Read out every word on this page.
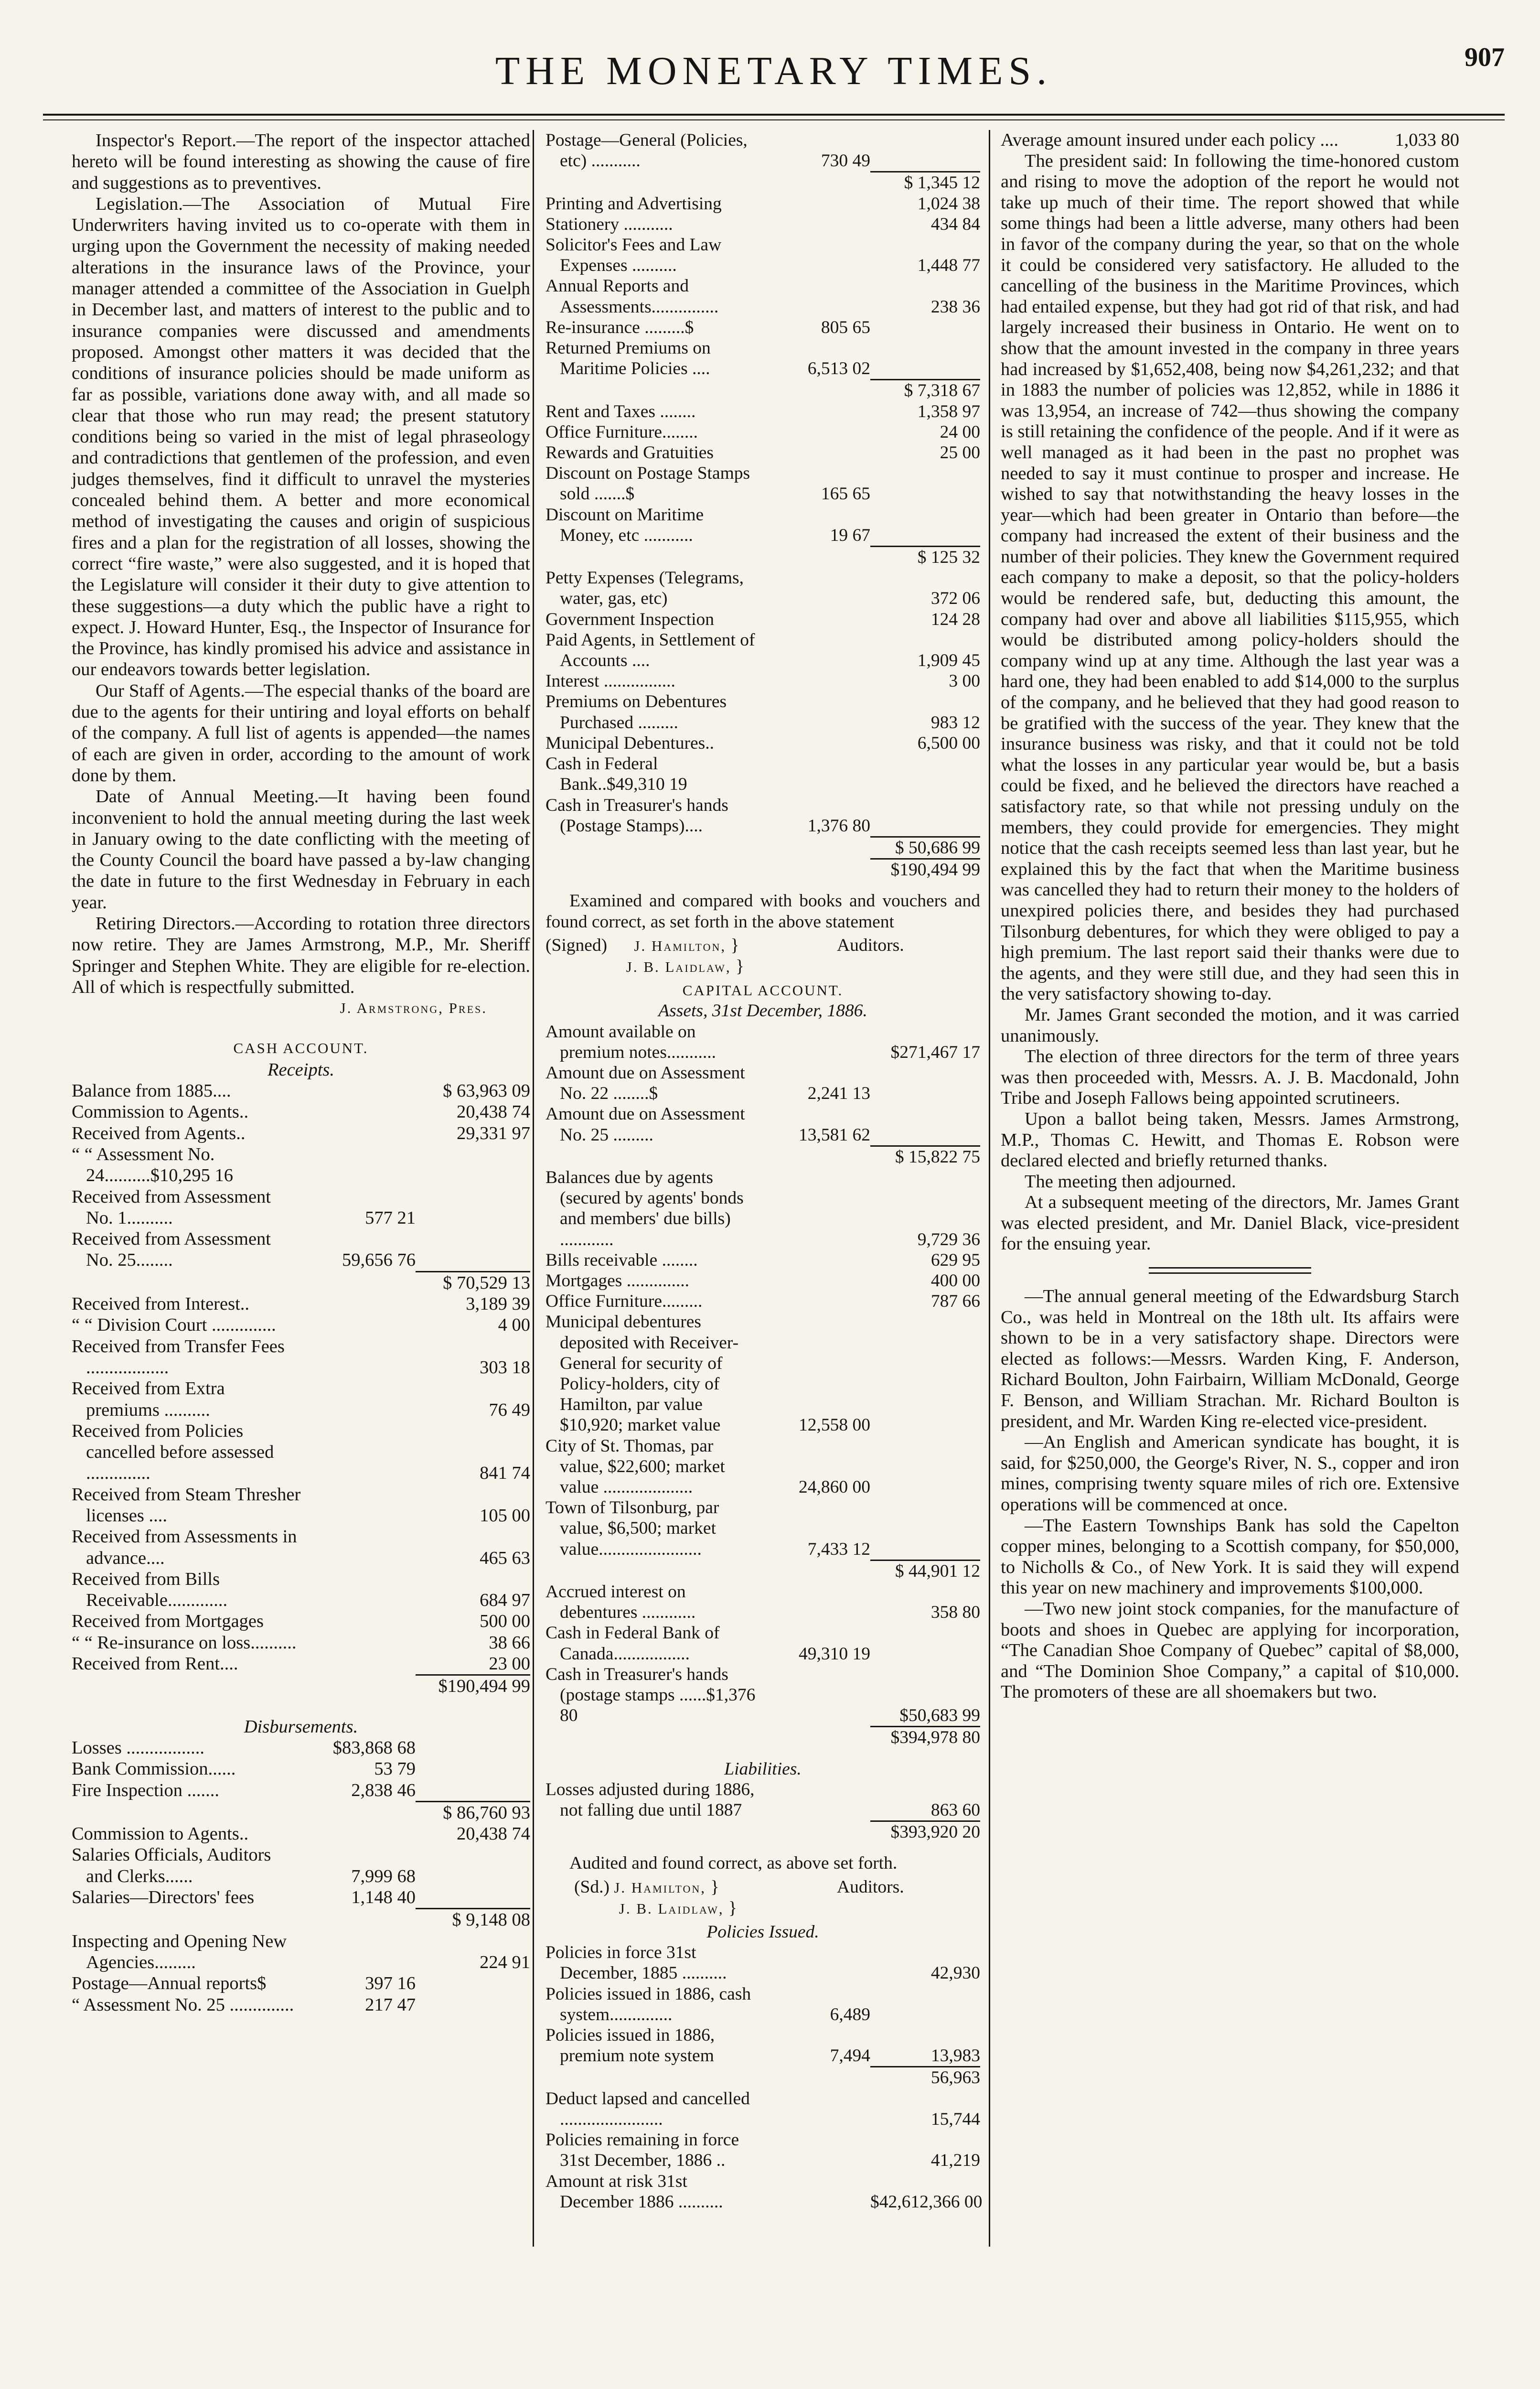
THE MONETARY TIMES.	907

Inspector's Report.—The report of the inspector attached hereto will be found interesting as showing the cause of fire and suggestions as to preventives.

Legislation.—The Association of Mutual Fire Underwriters having invited us to co-operate with them in urging upon the Government the necessity of making needed alterations in the insurance laws of the Province, your manager attended a committee of the Association in Guelph in December last, and matters of interest to the public and to insurance companies were discussed and amendments proposed. Amongst other matters it was decided that the conditions of insurance policies should be made uniform as far as possible, variations done away with, and all made so clear that those who run may read; the present statutory conditions being so varied in the mist of legal phraseology and contradictions that gentlemen of the profession, and even judges themselves, find it difficult to unravel the mysteries concealed behind them. A better and more economical method of investigating the causes and origin of suspicious fires and a plan for the registration of all losses, showing the correct “fire waste,” were also suggested, and it is hoped that the Legislature will consider it their duty to give attention to these suggestions—a duty which the public have a right to expect. J. Howard Hunter, Esq., the Inspector of Insurance for the Province, has kindly promised his advice and assistance in our endeavors towards better legislation.

Our Staff of Agents.—The especial thanks of the board are due to the agents for their untiring and loyal efforts on behalf of the company. A full list of agents is appended—the names of each are given in order, according to the amount of work done by them.

Date of Annual Meeting.—It having been found inconvenient to hold the annual meeting during the last week in January owing to the date conflicting with the meeting of the County Council the board have passed a by-law changing the date in future to the first Wednesday in February in each year.

Retiring Directors.—According to rotation three directors now retire. They are James Armstrong, M.P., Mr. Sheriff Springer and Stephen White. They are eligible for re-election. All of which is respectfully submitted.

J. Armstrong, Pres.

CASH ACCOUNT.

Receipts.

Balance from 1885....	$ 63,963 09
Commission to Agents..	20,438 74
Received from Agents..	29,331 97
“ “ Assessment No. 24..........$10,295 16
Received from Assessment No. 1..........	577 21
Received from Assessment No. 25........	59,656 76
$ 70,529 13
Received from Interest..	3,189 39
“ “ Division Court ..............	4 00
Received from Transfer Fees ..................	303 18
Received from Extra premiums ..........	76 49
Received from Policies cancelled before assessed ..............	841 74
Received from Steam Thresher licenses ....	105 00
Received from Assessments in advance....	465 63
Received from Bills Receivable.............	684 97
Received from Mortgages	500 00
“ “ Re-insurance on loss..........	38 66
Received from Rent....	23 00
$190,494 99

Disbursements.

Losses .................	$83,868 68
Bank Commission......	53 79
Fire Inspection .......	2,838 46
$ 86,760 93
Commission to Agents..	20,438 74
Salaries Officials, Auditors and Clerks......	7,999 68
Salaries—Directors' fees	1,148 40
$ 9,148 08
Inspecting and Opening New Agencies.........	224 91
Postage—Annual reports$	397 16
“ Assessment No. 25 ..............	217 47
Postage—General (Policies, etc) ...........	730 49
$ 1,345 12
Printing and Advertising	1,024 38
Stationery ...........	434 84
Solicitor's Fees and Law Expenses ..........	1,448 77
Annual Reports and Assessments...............	238 36
Re-insurance .........$	805 65
Returned Premiums on Maritime Policies ....	6,513 02
$ 7,318 67
Rent and Taxes ........	1,358 97
Office Furniture........	24 00
Rewards and Gratuities	25 00
Discount on Postage Stamps sold .......$	165 65
Discount on Maritime Money, etc ...........	19 67
$ 125 32
Petty Expenses (Telegrams, water, gas, etc)	372 06
Government Inspection	124 28
Paid Agents, in Settlement of Accounts ....	1,909 45
Interest ................	3 00
Premiums on Debentures Purchased .........	983 12
Municipal Debentures..	6,500 00
Cash in Federal Bank..$49,310 19
Cash in Treasurer's hands (Postage Stamps)....	1,376 80
$ 50,686 99
$190,494 99

Examined and compared with books and vouchers and found correct, as set forth in the above statement

(Signed) J. Hamilton, }
J. B. Laidlaw, }
Auditors.

CAPITAL ACCOUNT.

Assets, 31st December, 1886.

Amount available on premium notes...........	$271,467 17
Amount due on Assessment No. 22 ........$	2,241 13
Amount due on Assessment No. 25 .........	13,581 62
$ 15,822 75
Balances due by agents (secured by agents' bonds and members' due bills) ............	9,729 36
Bills receivable ........	629 95
Mortgages ..............	400 00
Office Furniture.........	787 66
Municipal debentures deposited with Receiver-General for security of Policy-holders, city of Hamilton, par value $10,920; market value	12,558 00
City of St. Thomas, par value, $22,600; market value ....................	24,860 00
Town of Tilsonburg, par value, $6,500; market value.......................	7,433 12
$ 44,901 12
Accrued interest on debentures ............	358 80
Cash in Federal Bank of Canada.................	49,310 19
Cash in Treasurer's hands (postage stamps ......$1,376 80	$50,683 99
$394,978 80

Liabilities.

Losses adjusted during 1886, not falling due until 1887	863 60
$393,920 20

Audited and found correct, as above set forth.

(Sd.) J. Hamilton, }
J. B. Laidlaw, }
Auditors.

Policies Issued.

Policies in force 31st December, 1885 ..........	42,930
Policies issued in 1886, cash system..............	6,489
Policies issued in 1886, premium note system	7,494	13,983
56,963
Deduct lapsed and cancelled .......................	15,744
Policies remaining in force 31st December, 1886 ..	41,219
Amount at risk 31st December 1886 ..........	$42,612,366 00
Average amount insured under each policy ....	1,033 80

The president said: In following the time-honored custom and rising to move the adoption of the report he would not take up much of their time. The report showed that while some things had been a little adverse, many others had been in favor of the company during the year, so that on the whole it could be considered very satisfactory. He alluded to the cancelling of the business in the Maritime Provinces, which had entailed expense, but they had got rid of that risk, and had largely increased their business in Ontario. He went on to show that the amount invested in the company in three years had increased by $1,652,408, being now $4,261,232; and that in 1883 the number of policies was 12,852, while in 1886 it was 13,954, an increase of 742—thus showing the company is still retaining the confidence of the people. And if it were as well managed as it had been in the past no prophet was needed to say it must continue to prosper and increase. He wished to say that notwithstanding the heavy losses in the year—which had been greater in Ontario than before—the company had increased the extent of their business and the number of their policies. They knew the Government required each company to make a deposit, so that the policy-holders would be rendered safe, but, deducting this amount, the company had over and above all liabilities $115,955, which would be distributed among policy-holders should the company wind up at any time. Although the last year was a hard one, they had been enabled to add $14,000 to the surplus of the company, and he believed that they had good reason to be gratified with the success of the year. They knew that the insurance business was risky, and that it could not be told what the losses in any particular year would be, but a basis could be fixed, and he believed the directors have reached a satisfactory rate, so that while not pressing unduly on the members, they could provide for emergencies. They might notice that the cash receipts seemed less than last year, but he explained this by the fact that when the Maritime business was cancelled they had to return their money to the holders of unexpired policies there, and besides they had purchased Tilsonburg debentures, for which they were obliged to pay a high premium. The last report said their thanks were due to the agents, and they were still due, and they had seen this in the very satisfactory showing to-day.

Mr. James Grant seconded the motion, and it was carried unanimously.

The election of three directors for the term of three years was then proceeded with, Messrs. A. J. B. Macdonald, John Tribe and Joseph Fallows being appointed scrutineers.

Upon a ballot being taken, Messrs. James Armstrong, M.P., Thomas C. Hewitt, and Thomas E. Robson were declared elected and briefly returned thanks.

The meeting then adjourned.

At a subsequent meeting of the directors, Mr. James Grant was elected president, and Mr. Daniel Black, vice-president for the ensuing year.

—The annual general meeting of the Edwardsburg Starch Co., was held in Montreal on the 18th ult. Its affairs were shown to be in a very satisfactory shape. Directors were elected as follows:—Messrs. Warden King, F. Anderson, Richard Boulton, John Fairbairn, William McDonald, George F. Benson, and William Strachan. Mr. Richard Boulton is president, and Mr. Warden King re-elected vice-president.

—An English and American syndicate has bought, it is said, for $250,000, the George's River, N. S., copper and iron mines, comprising twenty square miles of rich ore. Extensive operations will be commenced at once.

—The Eastern Townships Bank has sold the Capelton copper mines, belonging to a Scottish company, for $50,000, to Nicholls & Co., of New York. It is said they will expend this year on new machinery and improvements $100,000.

—Two new joint stock companies, for the manufacture of boots and shoes in Quebec are applying for incorporation, “The Canadian Shoe Company of Quebec” capital of $8,000, and “The Dominion Shoe Company,” a capital of $10,000. The promoters of these are all shoemakers but two.
